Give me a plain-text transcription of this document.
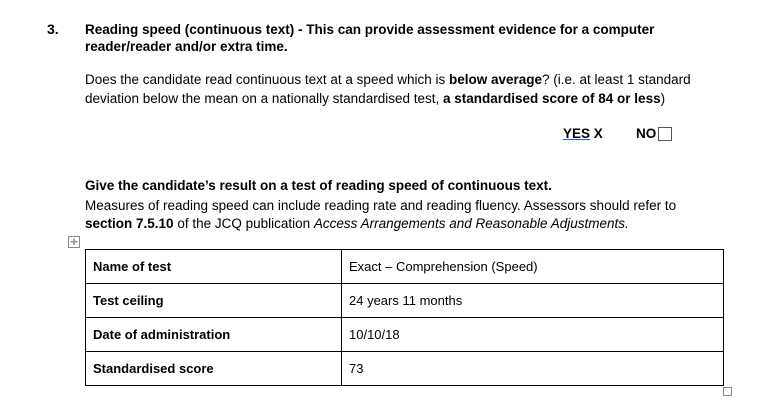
3. Reading speed (continuous text) - This can provide assessment evidence for a computer reader/reader and/or extra time.
Does the candidate read continuous text at a speed which is below average? (i.e. at least 1 standard deviation below the mean on a nationally standardised test, a standardised score of 84 or less)
YES X NO
Give the candidate’s result on a test of reading speed of continuous text.
Measures of reading speed can include reading rate and reading fluency. Assessors should refer to section 7.5.10 of the JCQ publication Access Arrangements and Reasonable Adjustments.
✛
Name of test	Exact – Comprehension (Speed)
Test ceiling	24 years 11 months
Date of administration	10/10/18
Standardised score	73
